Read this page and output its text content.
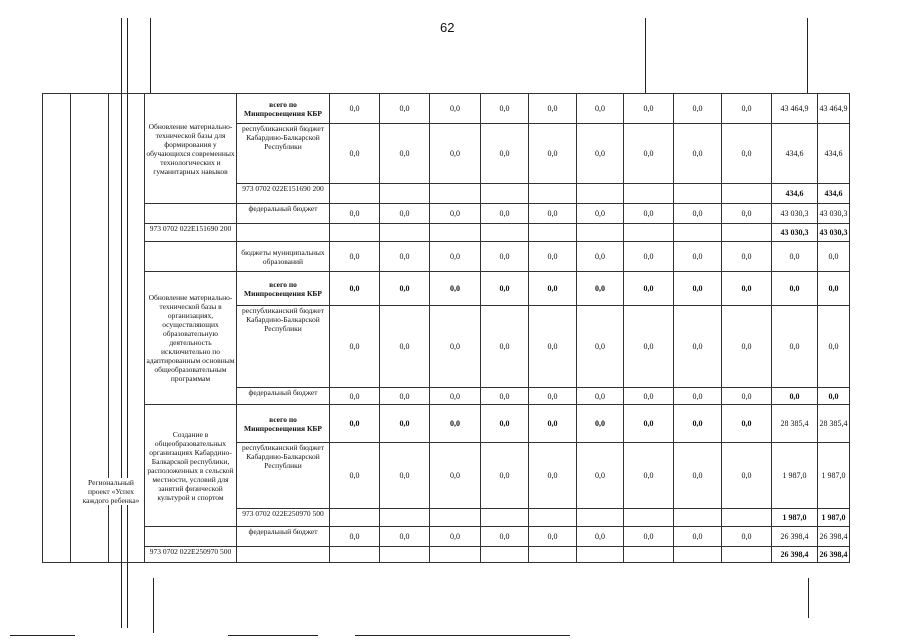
62
			Обновление материально-технической базы для формирования у обучающихся современных технологических и гуманитарных навыков	всего по Минпросвещения КБР	0,0	0,0	0,0	0,0	0,0	0,0	0,0	0,0	0,0	43 464,9	43 464,9
				республиканский бюджет Кабардино-Балкарской Республики	0,0	0,0	0,0	0,0	0,0	0,0	0,0	0,0	0,0	434,6	434,6
				973 0702 022E151690 200										434,6	434,6
				федеральный бюджет	0,0	0,0	0,0	0,0	0,0	0,0	0,0	0,0	0,0	43 030,3	43 030,3
			973 0702 022E151690 200											43 030,3	43 030,3
				бюджеты муниципальных образований	0,0	0,0	0,0	0,0	0,0	0,0	0,0	0,0	0,0	0,0	0,0
			Обновление материально-технической базы в организациях, осуществляющих образовательную деятельность исключительно по адаптированным основным общеобразовательным программам	всего по Минпросвещения КБР	0,0	0,0	0,0	0,0	0,0	0,0	0,0	0,0	0,0	0,0	0,0
				республиканский бюджет Кабардино-Балкарской Республики	0,0	0,0	0,0	0,0	0,0	0,0	0,0	0,0	0,0	0,0	0,0
				федеральный бюджет	0,0	0,0	0,0	0,0	0,0	0,0	0,0	0,0	0,0	0,0	0,0
			Создание в общеобразовательных организациях Кабардино-Балкарской республики, расположенных в сельской местности, условий для занятий физической культурой и спортом	всего по Минпросвещения КБР	0,0	0,0	0,0	0,0	0,0	0,0	0,0	0,0	0,0	28 385,4	28 385,4
				республиканский бюджет Кабардино-Балкарской Республики	0,0	0,0	0,0	0,0	0,0	0,0	0,0	0,0	0,0	1 987,0	1 987,0
				973 0702 022E250970 500										1 987,0	1 987,0
				федеральный бюджет	0,0	0,0	0,0	0,0	0,0	0,0	0,0	0,0	0,0	26 398,4	26 398,4
			973 0702 022E250970 500											26 398,4	26 398,4
Региональный проект «Успех каждого ребенка»
